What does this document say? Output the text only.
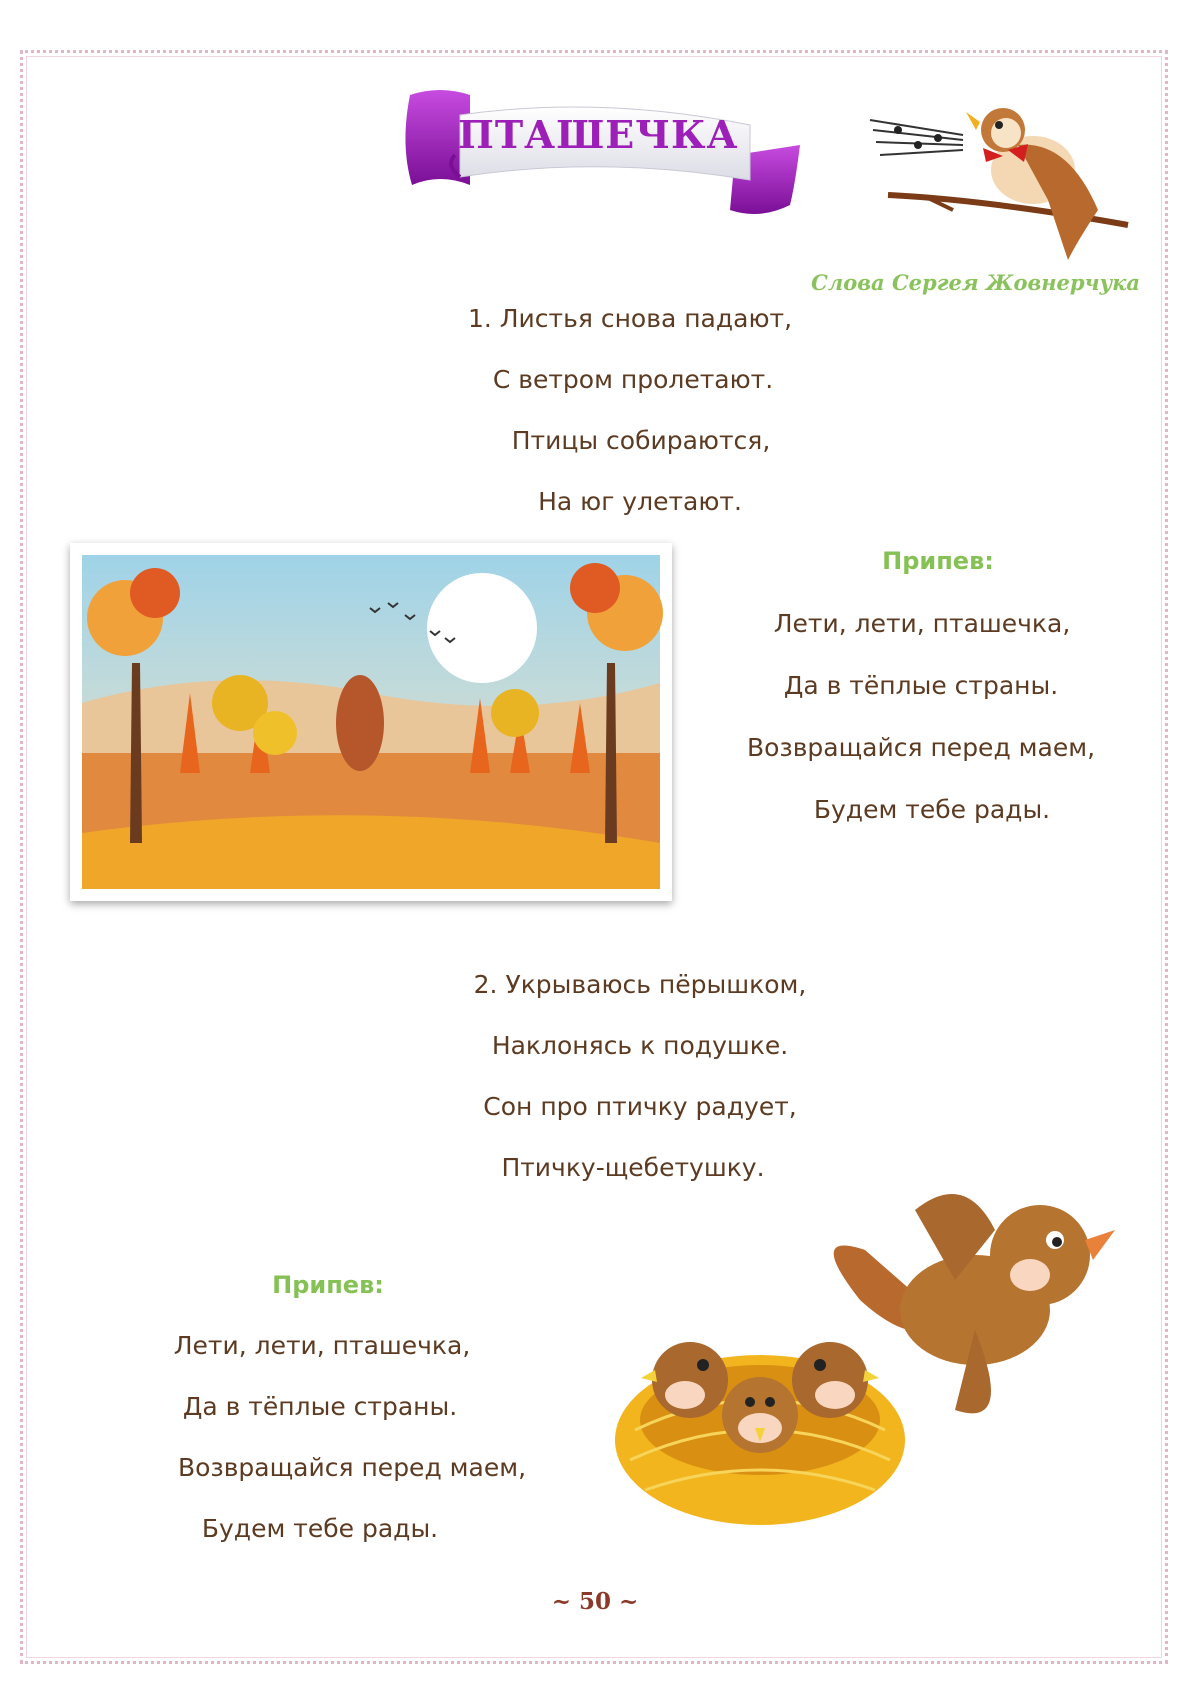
ПТАШЕЧКА
Слова Сергея Жовнерчука
1. Листья снова падают,
С ветром пролетают.
Птицы собираются,
На юг улетают.
Припев:
Лети, лети, пташечка,
Да в тёплые страны.
Возвращайся перед маем,
Будем тебе рады.
2. Укрываюсь пёрышком,
Наклонясь к подушке.
Сон про птичку радует,
Птичку-щебетушку.
Припев:
Лети, лети, пташечка,
Да в тёплые страны.
Возвращайся перед маем,
Будем тебе рады.
~ 50 ~
